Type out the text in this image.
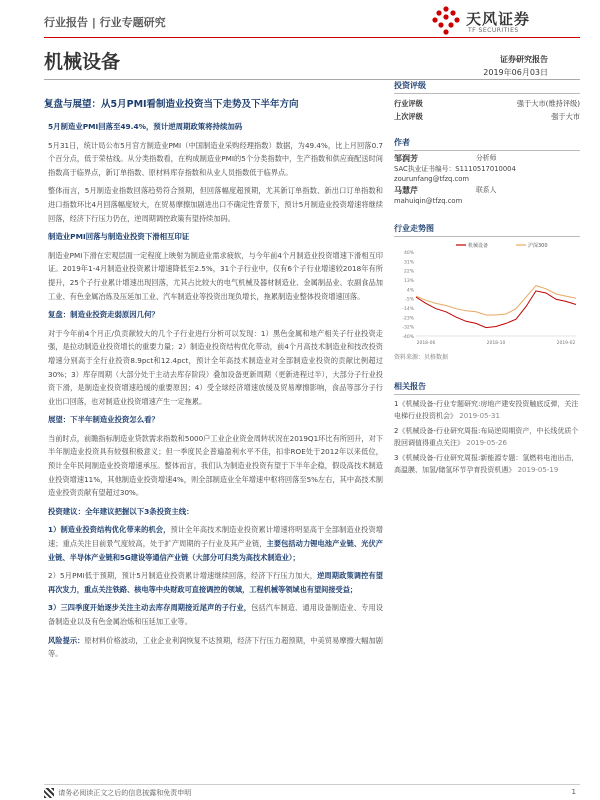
行业报告 | 行业专题研究	天风证券
TF SECURITIES
机械设备	证券研究报告
2019年06月03日
复盘与展望：从5月PMI看制造业投资当下走势及下半年方向
5月制造业PMI回落至49.4%，预计逆周期政策将持续加码

5月31日，统计局公布5月官方制造业PMI（中国制造业采购经理指数）数据，为49.4%，比上月回落0.7个百分点，低于荣枯线。从分类指数看，在构成制造业PMI的5个分类指数中，生产指数和供应商配送时间指数高于临界点，新订单指数、原材料库存指数和从业人员指数低于临界点。

整体而言，5月制造业指数回落趋势符合预期，但回落幅度超预期，尤其新订单指数、新出口订单指数和进口指数环比4月回落幅度较大，在贸易摩擦加剧进出口不确定性背景下，预计5月制造业投资增速将继续回落，经济下行压力仍在，逆周期调控政策有望持续加码。

制造业PMI回落与制造业投资下滑相互印证

制造业PMI下滑在宏观层面一定程度上映射为制造业需求疲软，与今年前4个月制造业投资增速下滑相互印证。2019年1-4月制造业投资累计增速降低至2.5%，31个子行业中，仅有6个子行业增速较2018年有所提升，25个子行业累计增速出现回落，尤其占比较大的电气机械及器材制造业、金属制品业、农副食品加工业、有色金属冶炼及压延加工业、汽车制造业等投资出现负增长，拖累制造业整体投资增速回落。

复盘：制造业投资走弱原因几何？

对于今年前4个月正/负贡献较大的几个子行业进行分析可以发现：1）黑色金属和地产相关子行业投资走强，是拉动制造业投资增长的重要力量；2）制造业投资结构优化带动，前4个月高技术制造业和技改投资增速分别高于全行业投资8.9pct和12.4pct，预计全年高技术制造业对全部制造业投资的贡献比例超过30%；3）库存周期（大部分处于主动去库存阶段）叠加设备更新周期（更新进程过半），大部分子行业投资下滑，是制造业投资增速趋缓的重要原因；4）受全球经济增速放缓及贸易摩擦影响，食品等部分子行业出口回落，也对制造业投资增速产生一定拖累。

展望：下半年制造业投资怎么看？

当前时点，前瞻指标制造业贷款需求指数和5000户工业企业资金周转状况在2019Q1环比有所回升，对下半年制造业投资具有较强积极意义；但一季度民企普遍盈利水平不佳，扣非ROE处于2012年以来低位，预计全年民间制造业投资增速承压。整体而言，我们认为制造业投资有望于下半年企稳，假设高技术制造业投资增速11%，其他制造业投资增速4%，则全部制造业全年增速中枢将回落至5%左右，其中高技术制造业投资贡献有望超过30%。

投资建议：全年建议把握以下3条投资主线：

1）制造业投资结构优化带来的机会，预计全年高技术制造业投资累计增速将明显高于全部制造业投资增速；重点关注目前景气度较高，处于扩产周期的子行业及其产业链，主要包括动力锂电池产业链、光伏产业链、半导体产业链和5G建设等通信产业链（大部分可归类为高技术制造业）；

2）5月PMI低于预期，预计5月制造业投资累计增速继续回落，经济下行压力加大，逆周期政策调控有望再次发力，重点关注铁路、核电等中央财政可直接调控的领域，工程机械等领域也有望间接受益；

3）三四季度开始逐步关注主动去库存周期接近尾声的子行业，包括汽车制造、通用设备制造业、专用设备制造业以及有色金属冶炼和压延加工业等。

风险提示：原材料价格波动，工业企业利润恢复不达预期，经济下行压力超预期，中美贸易摩擦大幅加剧等。

投资评级
行业评级	强于大市(维持评级)
上次评级	强于大市
作者
邹润芳	分析师
SAC执业证书编号：S1110517010004
zourunfang@tfzq.com
马慧芹	联系人
mahuiqin@tfzq.com
行业走势图
40%
31%
22%
13%
4%
-5%
-14%
-23%
-32%
-40%
2018-06	2018-10	2019-02
机械设备	沪深300
资料来源：贝格数据
相关报告

1《机械设备-行业专题研究:房地产建安投资触底反弹，关注电梯行业投资机会》 2019-05-31

2《机械设备-行业研究周报:布局逆周期资产，中长线优质个股回调值得重点关注》 2019-05-26

3《机械设备-行业研究周报:新能源专题：氢燃料电池出击，高温膜、加氢/储氢环节孕育投资机遇》 2019-05-19

请务必阅读正文之后的信息披露和免责申明	1
